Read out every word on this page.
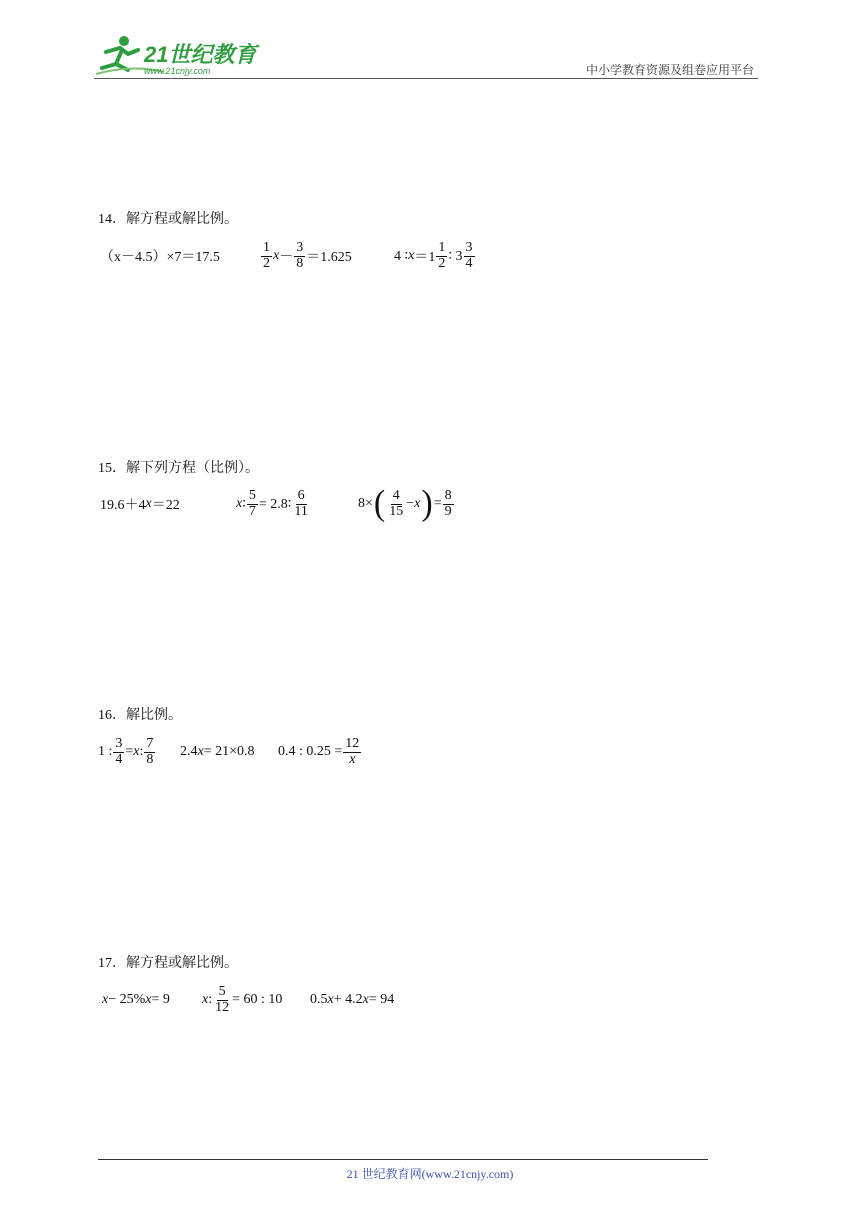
21世纪教育
www.21cnjy.com	中小学教育资源及组卷应用平台
14．解方程或解比例。
（x－4.5）×7＝17.5	$\frac{1}{2}$ $x - \frac{3}{8} =1.625$	4 ∶ $x =1 \frac{1}{2}$ ∶ $3 \frac{3}{4}$
15．解下列方程（比例）。
19.6＋4 x ＝22	x ∶ $\frac{5}{7}$ = 2.8∶ $\frac{6}{11}$	8× ( $\frac{4}{15} - x$ ) = $\frac{8}{9}$
16．解比例。
1 : $\frac{3}{4} = x$ : $\frac{7}{8} 2.4$ x = 21×0.8 0.4 : $0.25 = \frac{12}{x}$
17．解方程或解比例。
x − 25% x = 9 x : $\frac{5}{12} = 60$ : 10 0.5 x + 4.2 x = 94
21 世纪教育网(www.21cnjy.com)
